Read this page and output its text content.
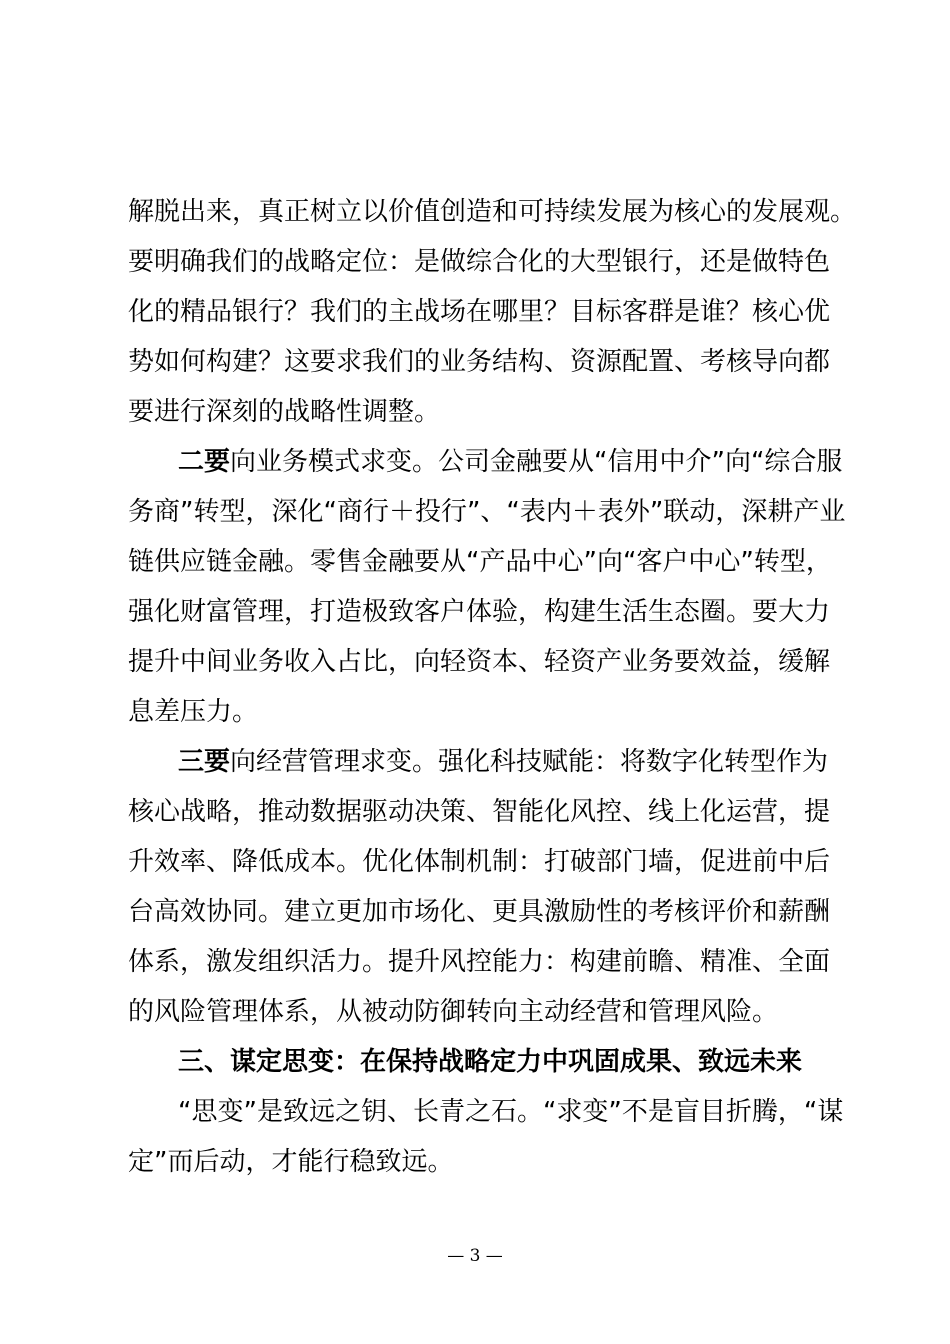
解脱出来，真正树立以价值创造和可持续发展为核心的发展观。

要明确我们的战略定位：是做综合化的大型银行，还是做特色

化的精品银行？我们的主战场在哪里？目标客群是谁？核心优

势如何构建？这要求我们的业务结构、资源配置、考核导向都

要进行深刻的战略性调整。

二要向业务模式求变。公司金融要从“信用中介”向“综合服

务商”转型，深化“商行＋投行”、“表内＋表外”联动，深耕产业

链供应链金融。零售金融要从“产品中心”向“客户中心”转型，

强化财富管理，打造极致客户体验，构建生活生态圈。要大力

提升中间业务收入占比，向轻资本、轻资产业务要效益，缓解

息差压力。

三要向经营管理求变。强化科技赋能：将数字化转型作为

核心战略，推动数据驱动决策、智能化风控、线上化运营，提

升效率、降低成本。优化体制机制：打破部门墙，促进前中后

台高效协同。建立更加市场化、更具激励性的考核评价和薪酬

体系，激发组织活力。提升风控能力：构建前瞻、精准、全面

的风险管理体系，从被动防御转向主动经营和管理风险。

三、谋定思变：在保持战略定力中巩固成果、致远未来

“思变”是致远之钥、长青之石。“求变”不是盲目折腾，“谋

定”而后动，才能行稳致远。

— 3 —
